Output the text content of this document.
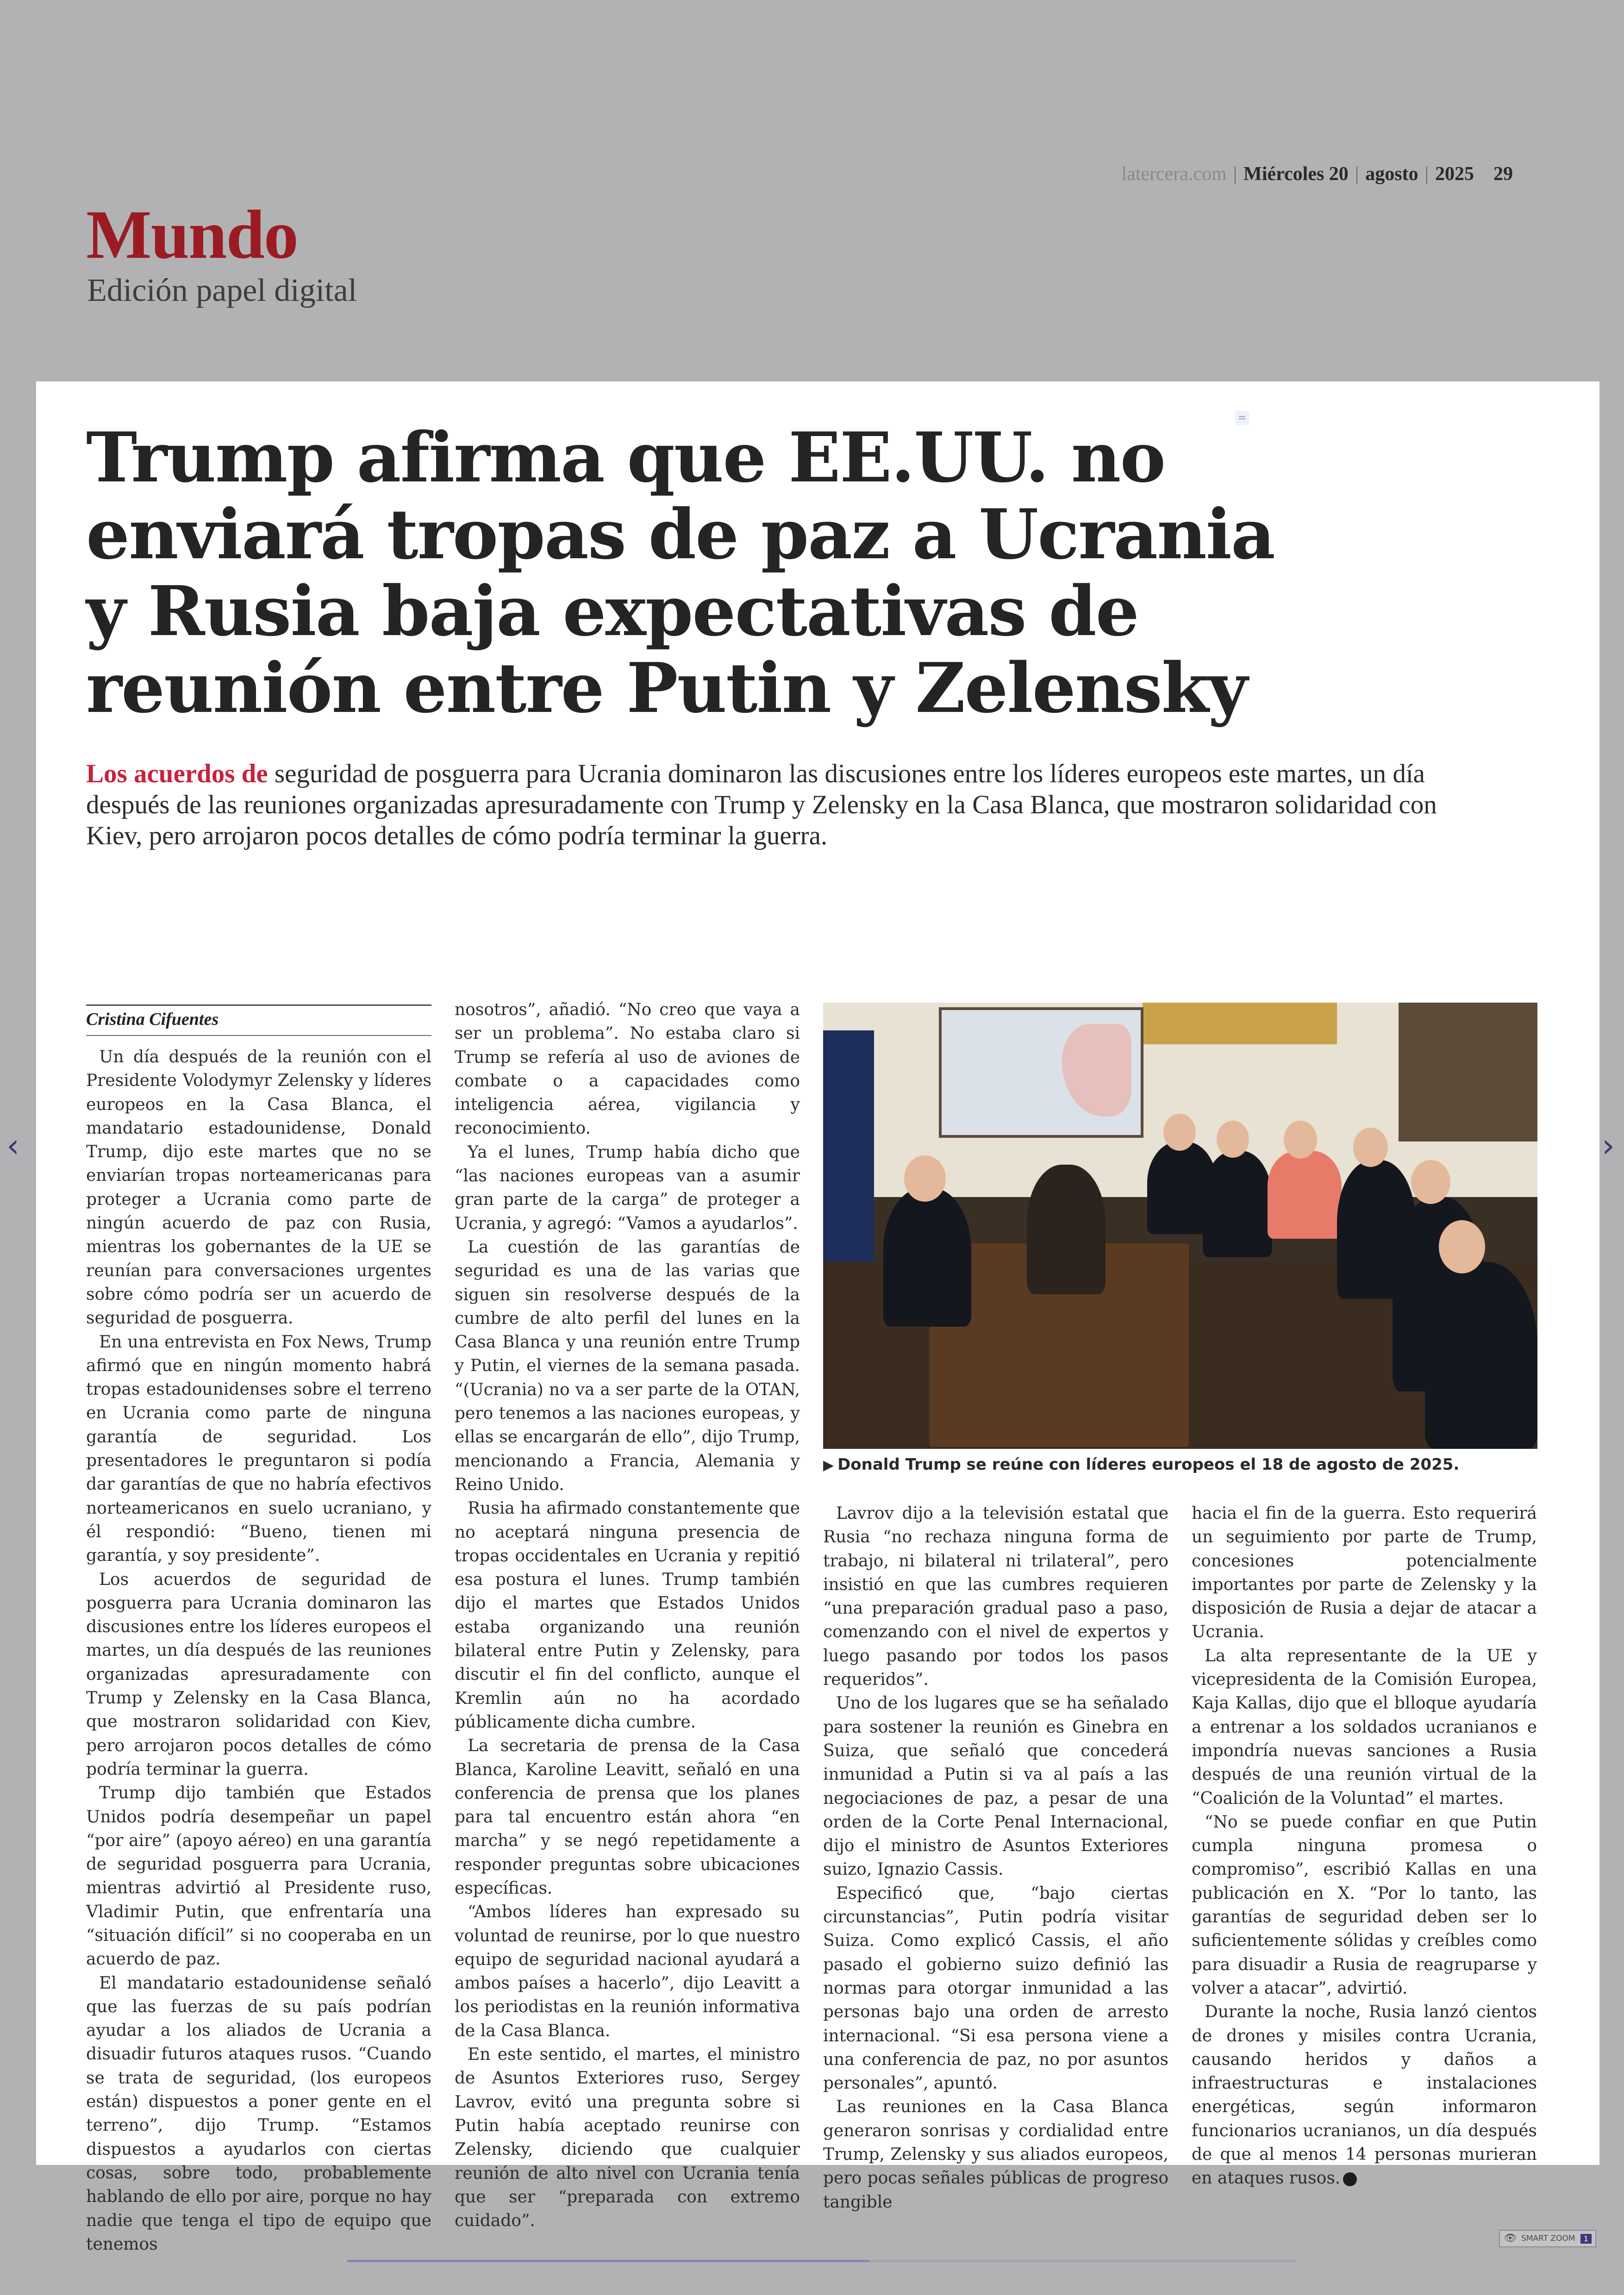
latercera.com | Miércoles 20 | agosto | 2025 29
Mundo
Edición papel digital
‹	›
Trump afirma que EE.UU. no enviará tropas de paz a Ucrania y Rusia baja expectativas de reunión entre Putin y Zelensky

Los acuerdos de seguridad de posguerra para Ucrania dominaron las discusiones entre los líderes europeos este martes, un día después de las reuniones organizadas apresuradamente con Trump y Zelensky en la Casa Blanca, que mostraron solidaridad con Kiev, pero arrojaron pocos detalles de cómo podría terminar la guerra.

Cristina Cifuentes

Un día después de la reunión con el Presidente Volodymyr Zelensky y líderes europeos en la Casa Blanca, el mandatario estadounidense, Donald Trump, dijo este martes que no se enviarían tropas norteamericanas para proteger a Ucrania como parte de ningún acuerdo de paz con Rusia, mientras los gobernantes de la UE se reunían para conversaciones urgentes sobre cómo podría ser un acuerdo de seguridad de posguerra.

En una entrevista en Fox News, Trump afirmó que en ningún momento habrá tropas estadounidenses sobre el terreno en Ucrania como parte de ninguna garantía de seguridad. Los presentadores le preguntaron si podía dar garantías de que no habría efectivos norteamericanos en suelo ucraniano, y él respondió: “Bueno, tienen mi garantía, y soy presidente”.

Los acuerdos de seguridad de posguerra para Ucrania dominaron las discusiones entre los líderes europeos el martes, un día después de las reuniones organizadas apresuradamente con Trump y Zelensky en la Casa Blanca, que mostraron solidaridad con Kiev, pero arrojaron pocos detalles de cómo podría terminar la guerra.

Trump dijo también que Estados Unidos podría desempeñar un papel “por aire” (apoyo aéreo) en una garantía de seguridad posguerra para Ucrania, mientras advirtió al Presidente ruso, Vladimir Putin, que enfrentaría una “situación difícil” si no cooperaba en un acuerdo de paz.

El mandatario estadounidense señaló que las fuerzas de su país podrían ayudar a los aliados de Ucrania a disuadir futuros ataques rusos. “Cuando se trata de seguridad, (los europeos están) dispuestos a poner gente en el terreno”, dijo Trump. “Estamos dispuestos a ayudarlos con ciertas cosas, sobre todo, probablemente hablando de ello por aire, porque no hay nadie que tenga el tipo de equipo que tenemos

nosotros”, añadió. “No creo que vaya a ser un problema”. No estaba claro si Trump se refería al uso de aviones de combate o a capacidades como inteligencia aérea, vigilancia y reconocimiento.

Ya el lunes, Trump había dicho que “las naciones europeas van a asumir gran parte de la carga” de proteger a Ucrania, y agregó: “Vamos a ayudarlos”.

La cuestión de las garantías de seguridad es una de las varias que siguen sin resolverse después de la cumbre de alto perfil del lunes en la Casa Blanca y una reunión entre Trump y Putin, el viernes de la semana pasada. “(Ucrania) no va a ser parte de la OTAN, pero tenemos a las naciones europeas, y ellas se encargarán de ello”, dijo Trump, mencionando a Francia, Alemania y Reino Unido.

Rusia ha afirmado constantemente que no aceptará ninguna presencia de tropas occidentales en Ucrania y repitió esa postura el lunes. Trump también dijo el martes que Estados Unidos estaba organizando una reunión bilateral entre Putin y Zelensky, para discutir el fin del conflicto, aunque el Kremlin aún no ha acordado públicamente dicha cumbre.

La secretaria de prensa de la Casa Blanca, Karoline Leavitt, señaló en una conferencia de prensa que los planes para tal encuentro están ahora “en marcha” y se negó repetidamente a responder preguntas sobre ubicaciones específicas.

“Ambos líderes han expresado su voluntad de reunirse, por lo que nuestro equipo de seguridad nacional ayudará a ambos países a hacerlo”, dijo Leavitt a los periodistas en la reunión informativa de la Casa Blanca.

En este sentido, el martes, el ministro de Asuntos Exteriores ruso, Sergey Lavrov, evitó una pregunta sobre si Putin había aceptado reunirse con Zelensky, diciendo que cualquier reunión de alto nivel con Ucrania tenía que ser “preparada con extremo cuidado”.

▶ Donald Trump se reúne con líderes europeos el 18 de agosto de 2025.

Lavrov dijo a la televisión estatal que Rusia “no rechaza ninguna forma de trabajo, ni bilateral ni trilateral”, pero insistió en que las cumbres requieren “una preparación gradual paso a paso, comenzando con el nivel de expertos y luego pasando por todos los pasos requeridos”.

Uno de los lugares que se ha señalado para sostener la reunión es Ginebra en Suiza, que señaló que concederá inmunidad a Putin si va al país a las negociaciones de paz, a pesar de una orden de la Corte Penal Internacional, dijo el ministro de Asuntos Exteriores suizo, Ignazio Cassis.

Especificó que, “bajo ciertas circunstancias”, Putin podría visitar Suiza. Como explicó Cassis, el año pasado el gobierno suizo definió las normas para otorgar inmunidad a las personas bajo una orden de arresto internacional. “Si esa persona viene a una conferencia de paz, no por asuntos personales”, apuntó.

Las reuniones en la Casa Blanca generaron sonrisas y cordialidad entre Trump, Zelensky y sus aliados europeos, pero pocas señales públicas de progreso tangible

hacia el fin de la guerra. Esto requerirá un seguimiento por parte de Trump, concesiones potencialmente importantes por parte de Zelensky y la disposición de Rusia a dejar de atacar a Ucrania.

La alta representante de la UE y vicepresidenta de la Comisión Europea, Kaja Kallas, dijo que el blloque ayudaría a entrenar a los soldados ucranianos e impondría nuevas sanciones a Rusia después de una reunión virtual de la “Coalición de la Voluntad” el martes.

“No se puede confiar en que Putin cumpla ninguna promesa o compromiso”, escribió Kallas en una publicación en X. “Por lo tanto, las garantías de seguridad deben ser lo suficientemente sólidas y creíbles como para disuadir a Rusia de reagruparse y volver a atacar”, advirtió.

Durante la noche, Rusia lanzó cientos de drones y misiles contra Ucrania, causando heridos y daños a infraestructuras e instalaciones energéticas, según informaron funcionarios ucranianos, un día después de que al menos 14 personas murieran en ataques rusos.

👁 SMART ZOOM	1
